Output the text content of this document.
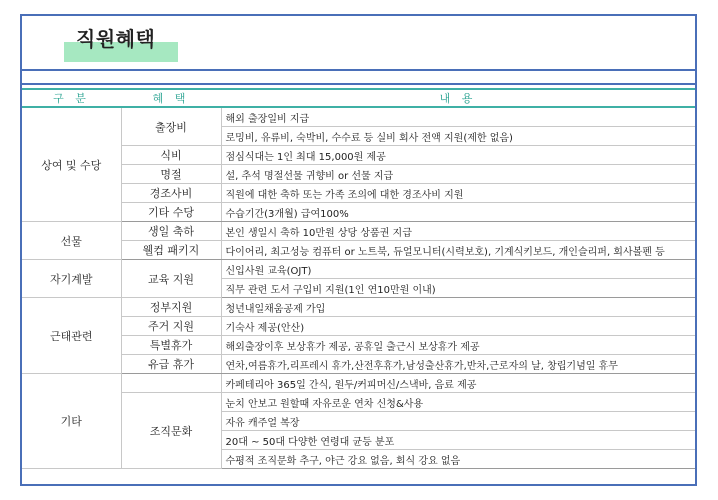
직원혜택
구 분	혜 택	내 용
상여 및 수당	출장비	해외 출장일비 지급
		로밍비, 유류비, 숙박비, 수수료 등 실비 회사 전액 지원(제한 없음)
	식비	점심식대는 1인 최대 15,000원 제공
	명절	설, 추석 명절선물 귀향비 or 선물 지급
	경조사비	직원에 대한 축하 또는 가족 조의에 대한 경조사비 지원
	기타 수당	수습기간(3개월) 급여100%
선물	생일 축하	본인 생일시 축하 10만원 상당 상품권 지급
	웰컴 패키지	다이어리, 최고성능 컴퓨터 or 노트북, 듀얼모니터(시력보호), 기계식키보드, 개인슬리퍼, 회사볼펜 등
자기계발	교육 지원	신입사원 교육(OJT)
		직무 관련 도서 구입비 지원(1인 연10만원 이내)
근태관련	정부지원	청년내일채움공제 가입
	주거 지원	기숙사 제공(안산)
	특별휴가	해외출장이후 보상휴가 제공, 공휴일 출근시 보상휴가 제공
	유급 휴가	연차,여름휴가,리프레시 휴가,산전후휴가,남성출산휴가,반차,근로자의 날, 창립기념일 휴무
기타		카페테리아 365일 간식, 원두/커피머신/스낵바, 음료 제공
	조직문화	눈치 안보고 원할때 자유로운 연차 신청&사용
		자유 캐주얼 복장
		20대 ~ 50대 다양한 연령대 균등 분포
		수평적 조직문화 추구, 야근 강요 없음, 회식 강요 없음
